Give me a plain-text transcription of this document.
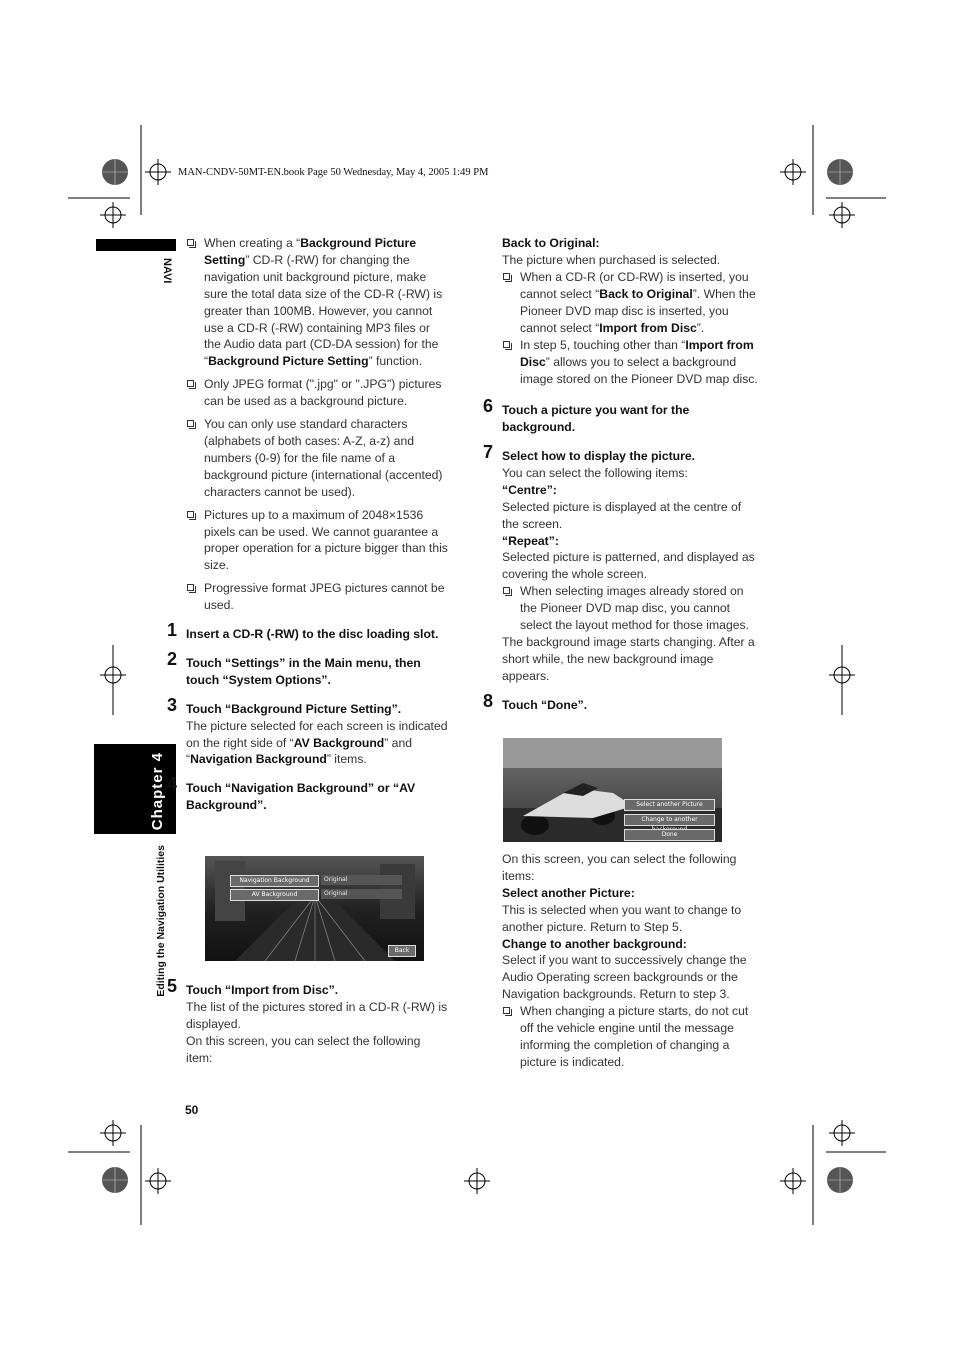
MAN-CNDV-50MT-EN.book Page 50 Wednesday, May 4, 2005 1:49 PM
NAVI
Chapter 4
Editing the Navigation Utilities
50
When creating a “Background Picture Setting” CD-R (-RW) for changing the navigation unit background picture, make sure the total data size of the CD-R (-RW) is greater than 100MB. However, you cannot use a CD-R (-RW) containing MP3 files or the Audio data part (CD-DA session) for the “Background Picture Setting” function.
Only JPEG format (".jpg" or ".JPG") pictures can be used as a background picture.
You can only use standard characters (alphabets of both cases: A-Z, a-z) and numbers (0-9) for the file name of a background picture (international (accented) characters cannot be used).
Pictures up to a maximum of 2048×1536 pixels can be used. We cannot guarantee a proper operation for a picture bigger than this size.
Progressive format JPEG pictures cannot be used.
1 Insert a CD-R (-RW) to the disc loading slot.
2 Touch “Settings” in the Main menu, then touch “System Options”.
3 Touch “Background Picture Setting”.
The picture selected for each screen is indicated on the right side of “AV Background” and “Navigation Background” items.
4 Touch “Navigation Background” or “AV Background”.
Navigation Background	Original
AV Background	Original
Back
5 Touch “Import from Disc”.
The list of the pictures stored in a CD-R (-RW) is displayed.
On this screen, you can select the following item:
Back to Original:
The picture when purchased is selected.
When a CD-R (or CD-RW) is inserted, you cannot select “Back to Original”. When the Pioneer DVD map disc is inserted, you cannot select “Import from Disc”.
In step 5, touching other than “Import from Disc” allows you to select a background image stored on the Pioneer DVD map disc.
6 Touch a picture you want for the background.
7 Select how to display the picture.
You can select the following items:
“Centre”:
Selected picture is displayed at the centre of the screen.
“Repeat”:
Selected picture is patterned, and displayed as covering the whole screen.
When selecting images already stored on the Pioneer DVD map disc, you cannot select the layout method for those images.
The background image starts changing. After a short while, the new background image appears.
8 Touch “Done”.
Select another Picture
Change to another
Done
On this screen, you can select the following items:
Select another Picture:
This is selected when you want to change to another picture. Return to Step 5.
Change to another background:
Select if you want to successively change the Audio Operating screen backgrounds or the Navigation backgrounds. Return to step 3.
When changing a picture starts, do not cut off the vehicle engine until the message informing the completion of changing a picture is indicated.
